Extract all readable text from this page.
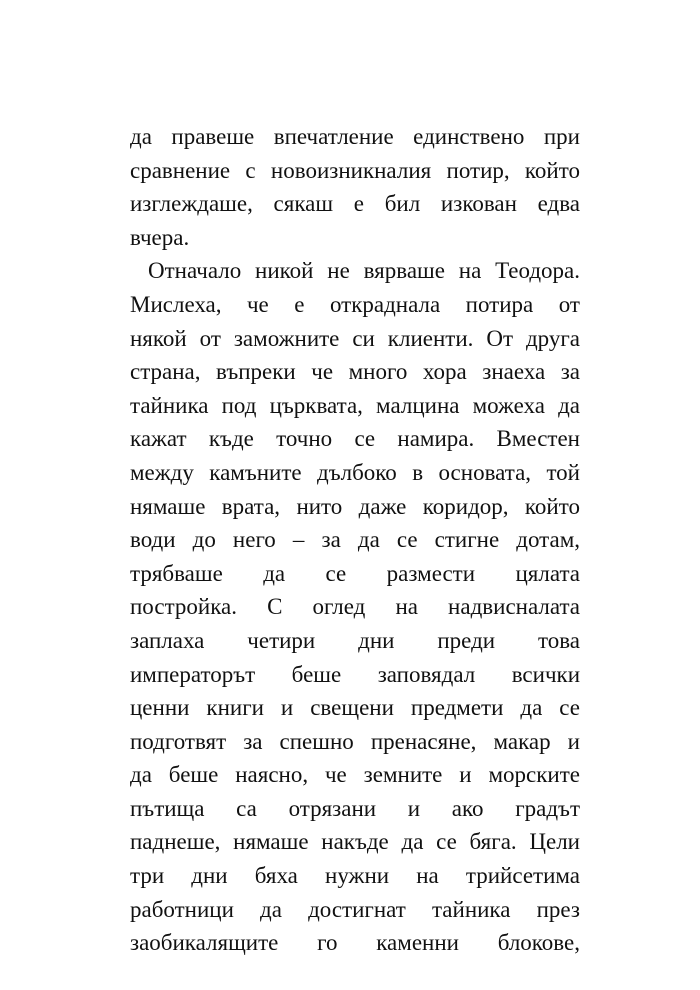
да правеше впечатление единствено при
сравнение с новоизникналия потир, който
изглеждаше, сякаш е бил изкован едва
вчера.
Отначало никой не вярваше на Теодора.
Мислеха, че е откраднала потира от
някой от заможните си клиенти. От друга
страна, въпреки че много хора знаеха за
тайника под църквата, малцина можеха да
кажат къде точно се намира. Вместен
между камъните дълбоко в основата, той
нямаше врата, нито даже коридор, който
води до него – за да се стигне дотам,
трябваше да се размести цялата
постройка. С оглед на надвисналата
заплаха четири дни преди това
императорът беше заповядал всички
ценни книги и свещени предмети да се
подготвят за спешно пренасяне, макар и
да беше наясно, че земните и морските
пътища са отрязани и ако градът
паднеше, нямаше накъде да се бяга. Цели
три дни бяха нужни на трийсетима
работници да достигнат тайника през
заобикалящите го каменни блокове,
